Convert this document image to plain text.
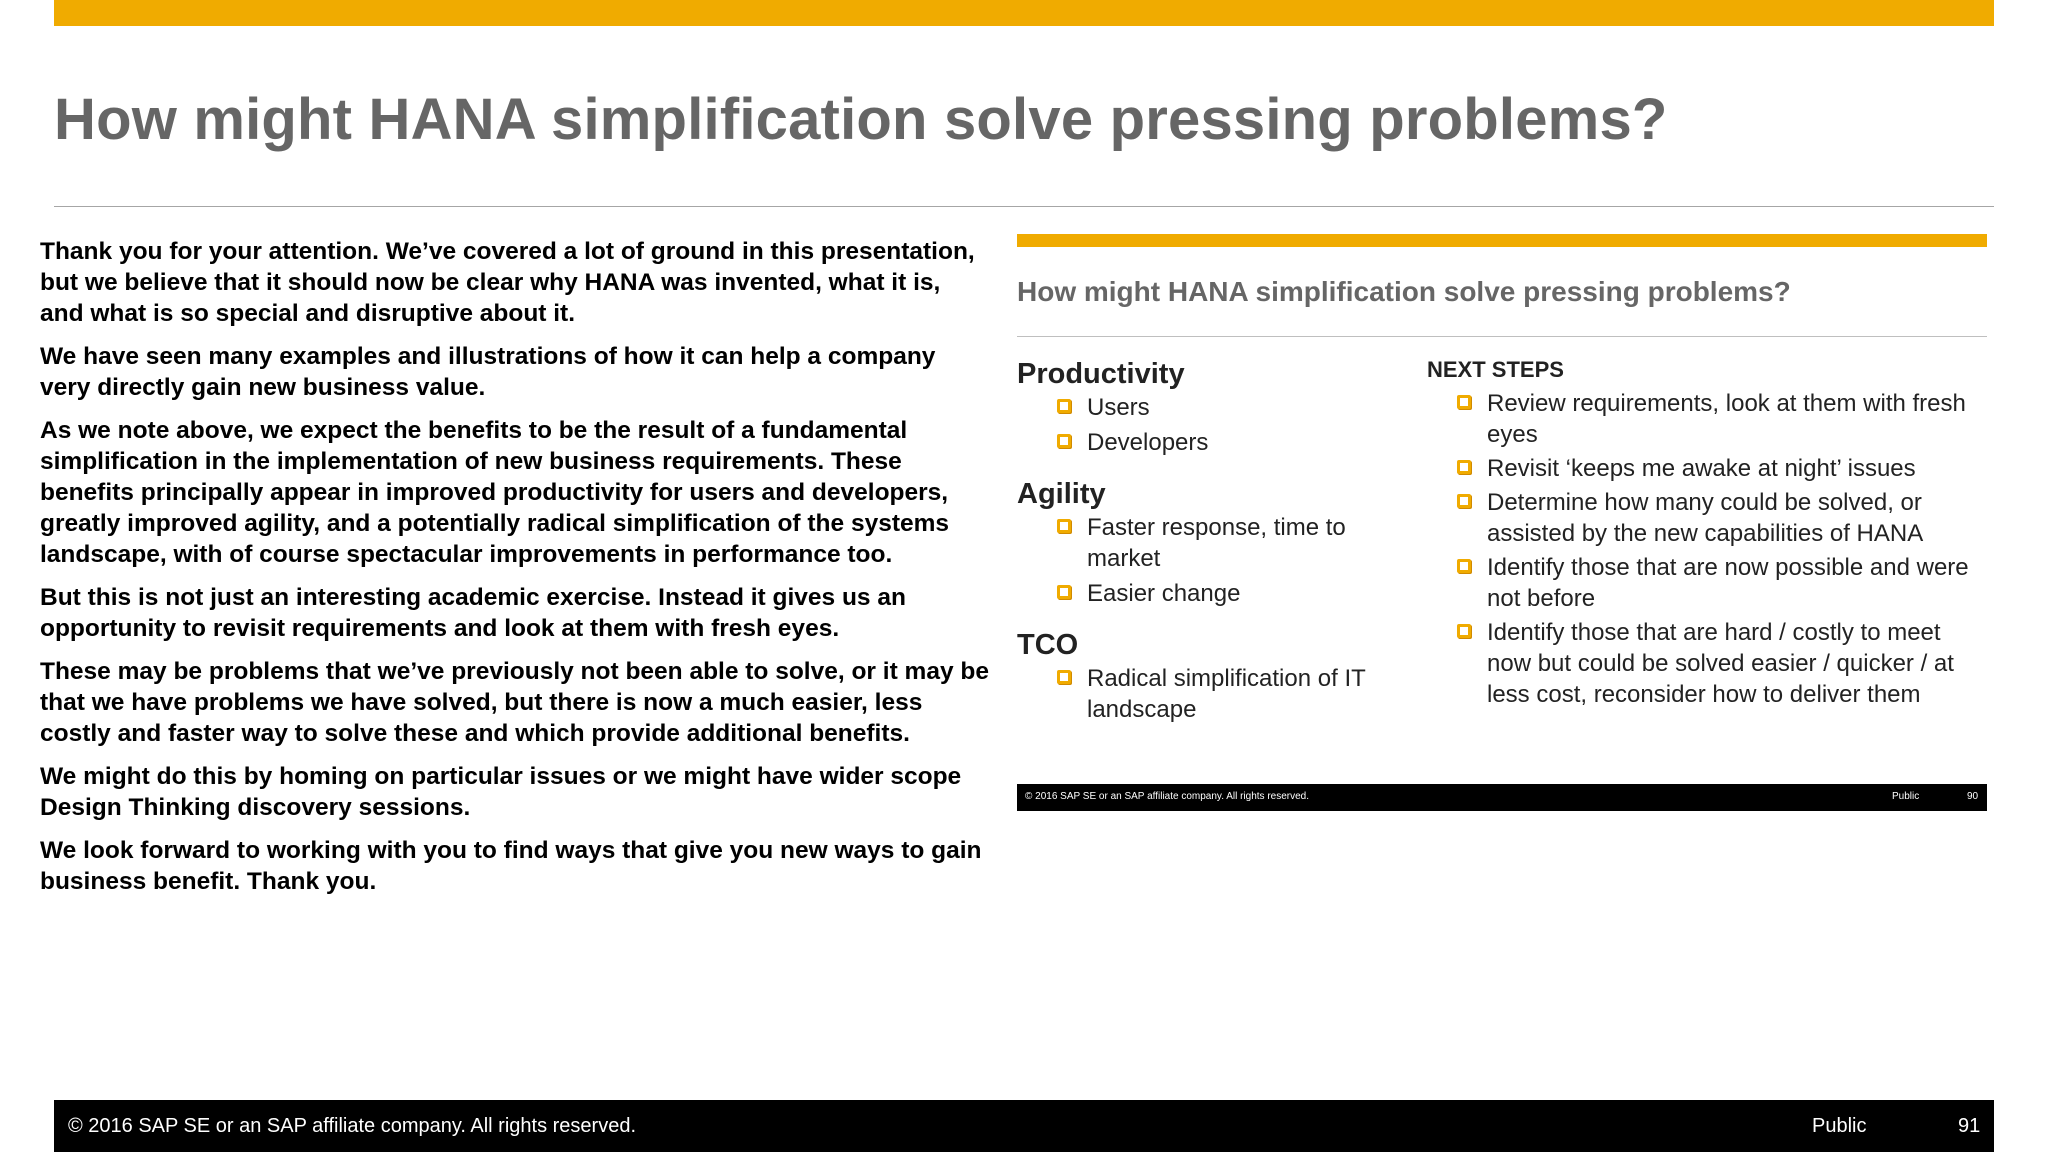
How might HANA simplification solve pressing problems?

Thank you for your attention. We’ve covered a lot of ground in this presentation, but we believe that it should now be clear why HANA was invented, what it is, and what is so special and disruptive about it.

We have seen many examples and illustrations of how it can help a company very directly gain new business value.

As we note above, we expect the benefits to be the result of a fundamental simplification in the implementation of new business requirements. These benefits principally appear in improved productivity for users and developers, greatly improved agility, and a potentially radical simplification of the systems landscape, with of course spectacular improvements in performance too.

But this is not just an interesting academic exercise. Instead it gives us an opportunity to revisit requirements and look at them with fresh eyes.

These may be problems that we’ve previously not been able to solve, or it may be that we have problems we have solved, but there is now a much easier, less costly and faster way to solve these and which provide additional benefits.

We might do this by homing on particular issues or we might have wider scope Design Thinking discovery sessions.

We look forward to working with you to find ways that give you new ways to gain business benefit. Thank you.

How might HANA simplification solve pressing problems?
Productivity
Users
Developers
Agility
Faster response, time to market
Easier change
TCO
Radical simplification of IT landscape
NEXT STEPS
Review requirements, look at them with fresh eyes
Revisit ‘keeps me awake at night’ issues
Determine how many could be solved, or assisted by the new capabilities of HANA
Identify those that are now possible and were not before
Identify those that are hard / costly to meet now but could be solved easier / quicker / at less cost, reconsider how to deliver them
© 2016 SAP SE or an SAP affiliate company. All rights reserved.	Public	90
© 2016 SAP SE or an SAP affiliate company. All rights reserved.	Public	91
